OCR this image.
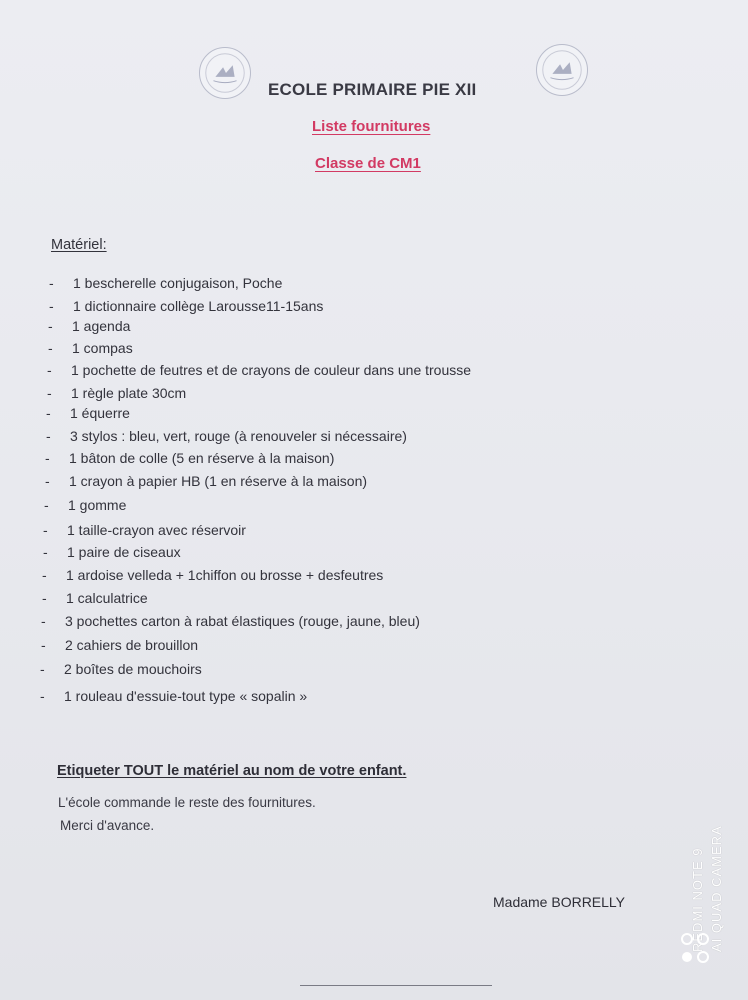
ECOLE PRIMAIRE PIE XII
Liste fournitures
Classe de CM1
Matériel:
- 1 bescherelle conjugaison, Poche
- 1 dictionnaire collège Larousse11-15ans
- 1 agenda
- 1 compas
- 1 pochette de feutres et de crayons de couleur dans une trousse
- 1 règle plate 30cm
- 1 équerre
- 3 stylos : bleu, vert, rouge (à renouveler si nécessaire)
- 1 bâton de colle (5 en réserve à la maison)
- 1 crayon à papier HB (1 en réserve à la maison)
- 1 gomme
- 1 taille-crayon avec réservoir
- 1 paire de ciseaux
- 1 ardoise velleda + 1chiffon ou brosse + desfeutres
- 1 calculatrice
- 3 pochettes carton à rabat élastiques (rouge, jaune, bleu)
- 2 cahiers de brouillon
- 2 boîtes de mouchoirs
- 1 rouleau d'essuie-tout type « sopalin »
Etiqueter TOUT le matériel au nom de votre enfant.
L'école commande le reste des fournitures.
Merci d'avance.
Madame BORRELLY	REDMI NOTE 9 AI QUAD CAMERA
